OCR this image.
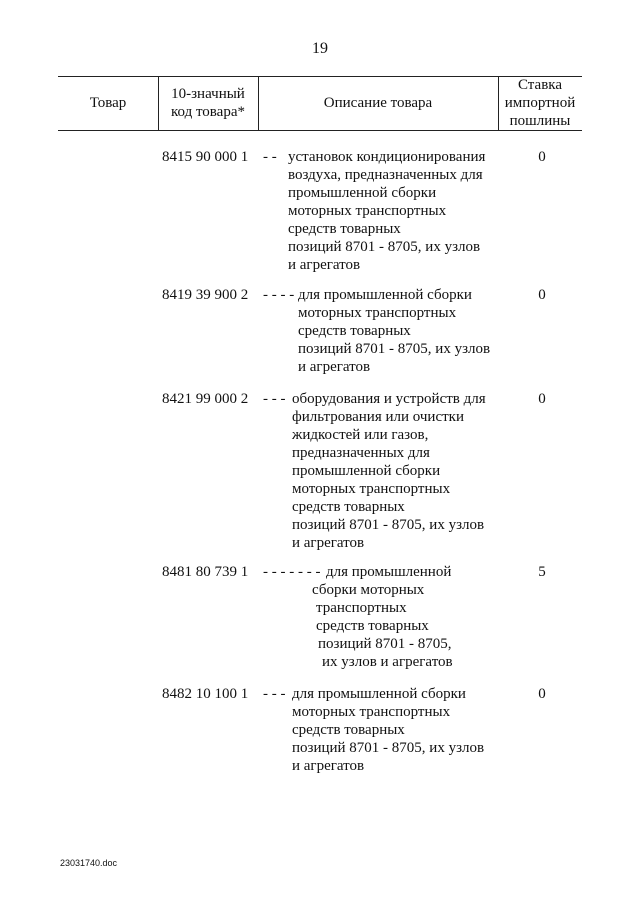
19
Товар
10-значный
код товара*
Описание товара
Ставка
импортной
пошлины
8415 90 000 1 - - установок кондиционирования
воздуха, предназначенных для
промышленной сборки
моторных транспортных
средств товарных
позиций 8701 - 8705, их узлов
и агрегатов
0
8419 39 900 2 - - - - для промышленной сборки
моторных транспортных
средств товарных
позиций 8701 - 8705, их узлов
и агрегатов
0
8421 99 000 2 - - - оборудования и устройств для
фильтрования или очистки
жидкостей или газов,
предназначенных для
промышленной сборки
моторных транспортных
средств товарных
позиций 8701 - 8705, их узлов
и агрегатов
0
8481 80 739 1 - - - - - - - для промышленной
сборки моторных
транспортных
средств товарных
позиций 8701 - 8705,
их узлов и агрегатов
5
8482 10 100 1 - - - для промышленной сборки
моторных транспортных
средств товарных
позиций 8701 - 8705, их узлов
и агрегатов
0
23031740.doc
